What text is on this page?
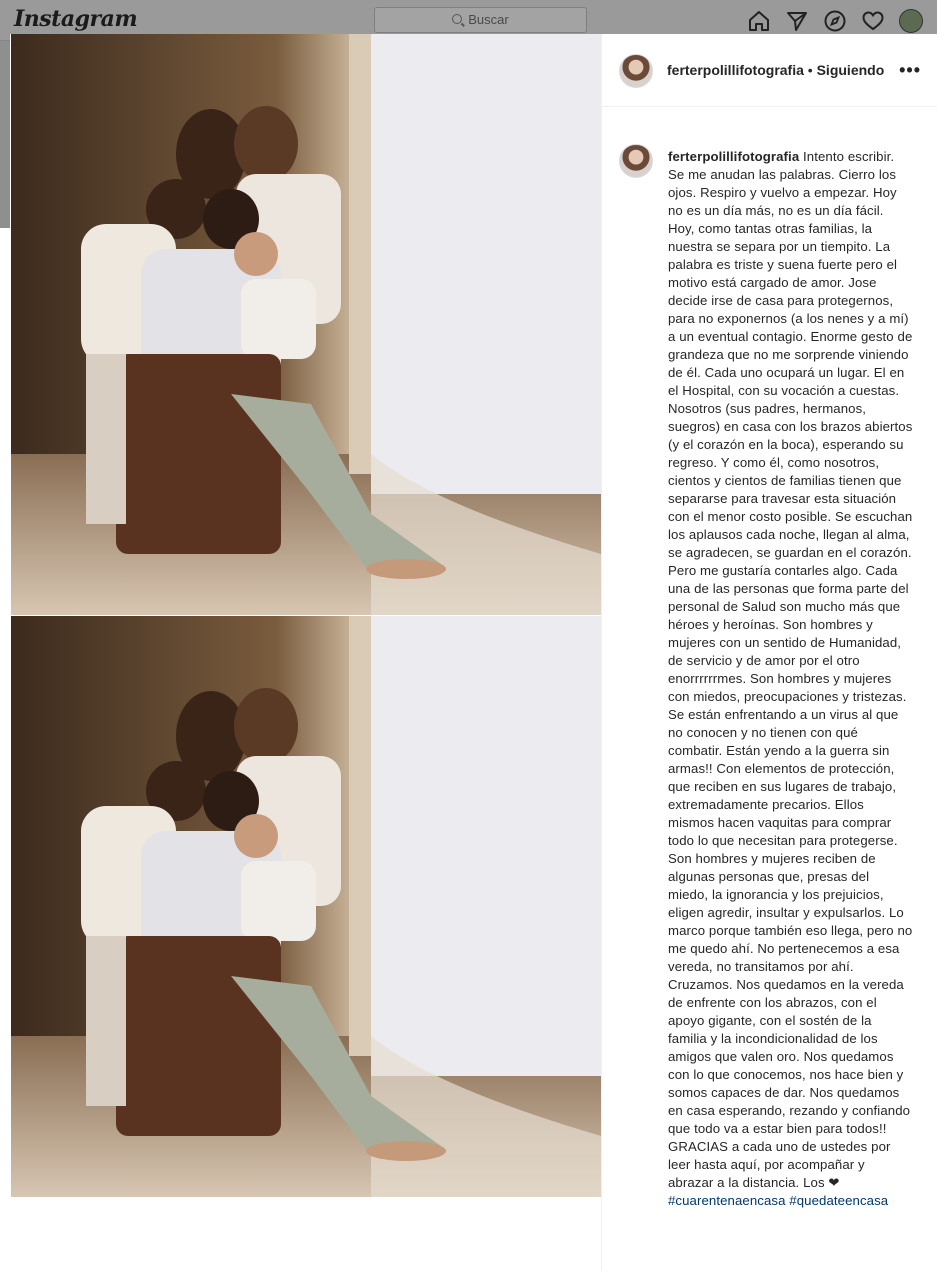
Instagram	Buscar
ferterpolillifotografia • Siguiendo •••
ferterpolillifotografia Intento escribir. Se me anudan las palabras. Cierro los ojos. Respiro y vuelvo a empezar. Hoy no es un día más, no es un día fácil. Hoy, como tantas otras familias, la nuestra se separa por un tiempito. La palabra es triste y suena fuerte pero el motivo está cargado de amor. Jose decide irse de casa para protegernos, para no exponernos (a los nenes y a mí) a un eventual contagio. Enorme gesto de grandeza que no me sorprende viniendo de él. Cada uno ocupará un lugar. El en el Hospital, con su vocación a cuestas. Nosotros (sus padres, hermanos, suegros) en casa con los brazos abiertos (y el corazón en la boca), esperando su regreso. Y como él, como nosotros, cientos y cientos de familias tienen que separarse para travesar esta situación con el menor costo posible. Se escuchan los aplausos cada noche, llegan al alma, se agradecen, se guardan en el corazón. Pero me gustaría contarles algo. Cada una de las personas que forma parte del personal de Salud son mucho más que héroes y heroínas. Son hombres y mujeres con un sentido de Humanidad, de servicio y de amor por el otro enorrrrrrmes. Son hombres y mujeres con miedos, preocupaciones y tristezas. Se están enfrentando a un virus al que no conocen y no tienen con qué combatir. Están yendo a la guerra sin armas!! Con elementos de protección, que reciben en sus lugares de trabajo, extremadamente precarios. Ellos mismos hacen vaquitas para comprar todo lo que necesitan para protegerse. Son hombres y mujeres reciben de algunas personas que, presas del miedo, la ignorancia y los prejuicios, eligen agredir, insultar y expulsarlos. Lo marco porque también eso llega, pero no me quedo ahí. No pertenecemos a esa vereda, no transitamos por ahí. Cruzamos. Nos quedamos en la vereda de enfrente con los abrazos, con el apoyo gigante, con el sostén de la familia y la incondicionalidad de los amigos que valen oro. Nos quedamos con lo que conocemos, nos hace bien y somos capaces de dar. Nos quedamos en casa esperando, rezando y confiando que todo va a estar bien para todos!! GRACIAS a cada uno de ustedes por leer hasta aquí, por acompañar y abrazar a la distancia. Los ❤
#cuarentenaencasa #quedateencasa
